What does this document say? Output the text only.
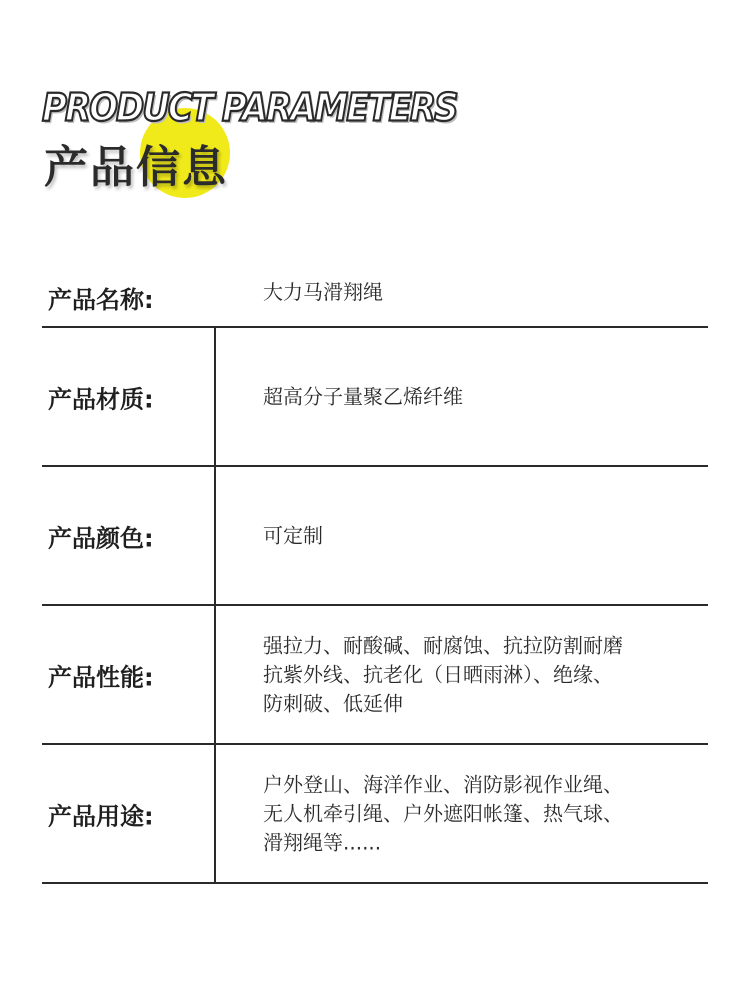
PRODUCT PARAMETERS
产品信息
产品名称:	大力马滑翔绳
产品材质:	超高分子量聚乙烯纤维
产品颜色:	可定制
产品性能:
强拉力、耐酸碱、耐腐蚀、抗拉防割耐磨
抗紫外线、抗老化（日晒雨淋）、绝缘、
防刺破、低延伸
产品用途:
户外登山、海洋作业、消防影视作业绳、
无人机牵引绳、户外遮阳帐篷、热气球、
滑翔绳等......
